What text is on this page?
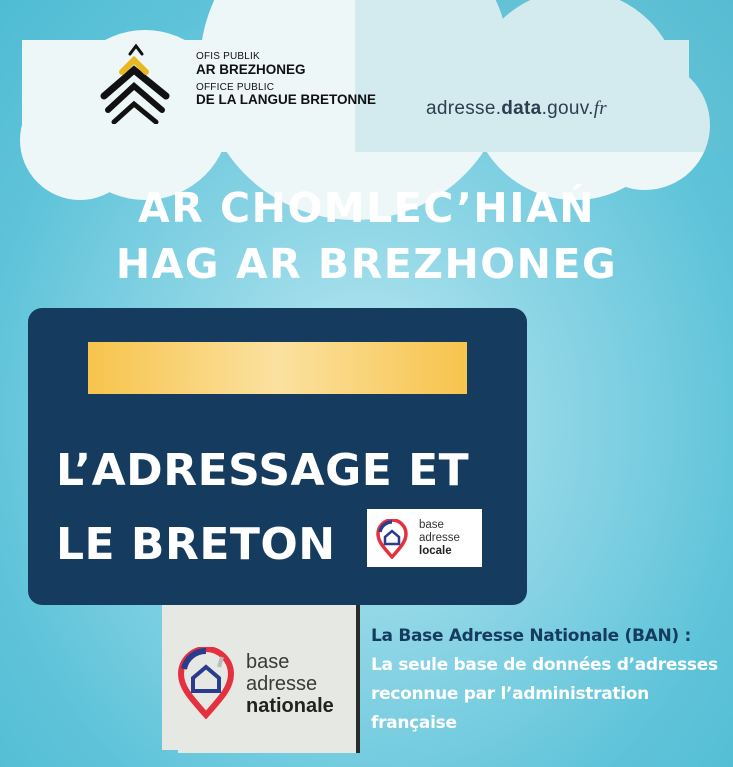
OFIS PUBLIK
AR BREZHONEG
OFFICE PUBLIC
DE LA LANGUE BRETONNE	adresse.data.gouv.fr
AR CHOMLEC’HIAŃ
HAG AR BREZHONEG
L’ADRESSAGE ET
LE BRETON	base
adresse
locale
base
adresse
nationale
La Base Adresse Nationale (BAN) :
La seule base de données d’adresses
reconnue par l’administration
française
